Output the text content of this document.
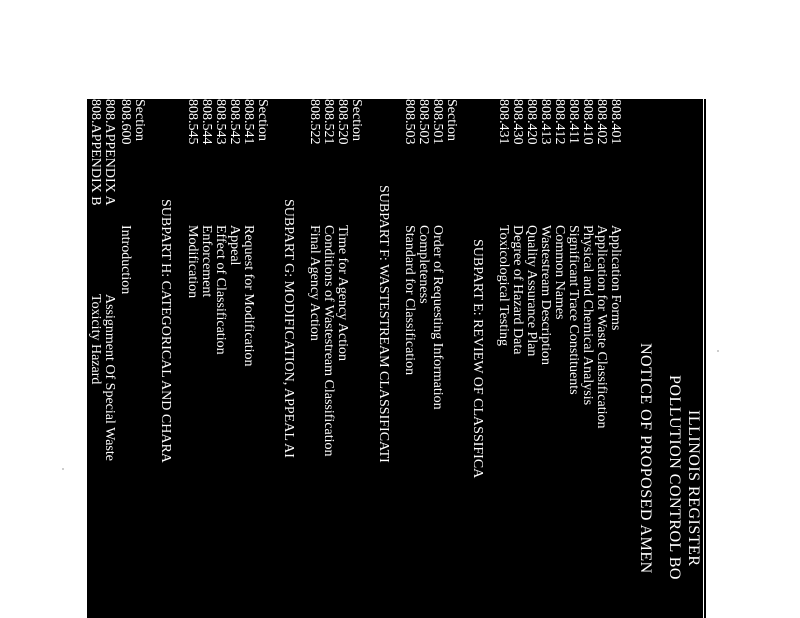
ILLINOIS REGISTER
POLLUTION CONTROL BO
NOTICE OF PROPOSED AMEN
808.401
Application Forms
808.402
Application for Waste Classification
808.410
Physical and Chemical Analysis
808.411
Significant Trace Constituents
808.412
Common Names
808.413
Wastestream Description
808.420
Quality Assurance Plan
808.430
Degree of Hazard Data
808.431
Toxicological Testing
SUBPART E: REVIEW OF CLASSIFICA
Section
808.501
Order of Requesting Information
808.502
Completeness
808.503
Standard for Classification
SUBPART F: WASTESTREAM CLASSIFICATI
Section
808.520
Time for Agency Action
808.521
Conditions of Wastestream Classification
808.522
Final Agency Action
SUBPART G: MODIFICATION, APPEAL AI
Section
808.541
Request for Modification
808.542
Appeal
808.543
Effect of Classification
808.544
Enforcement
808.545
Modification
SUBPART H: CATEGORICAL AND CHARA
Section
808.600
Introduction
808.APPENDIX A
Assignment Of Special Waste
808.APPENDIX B
Toxicity Hazard
